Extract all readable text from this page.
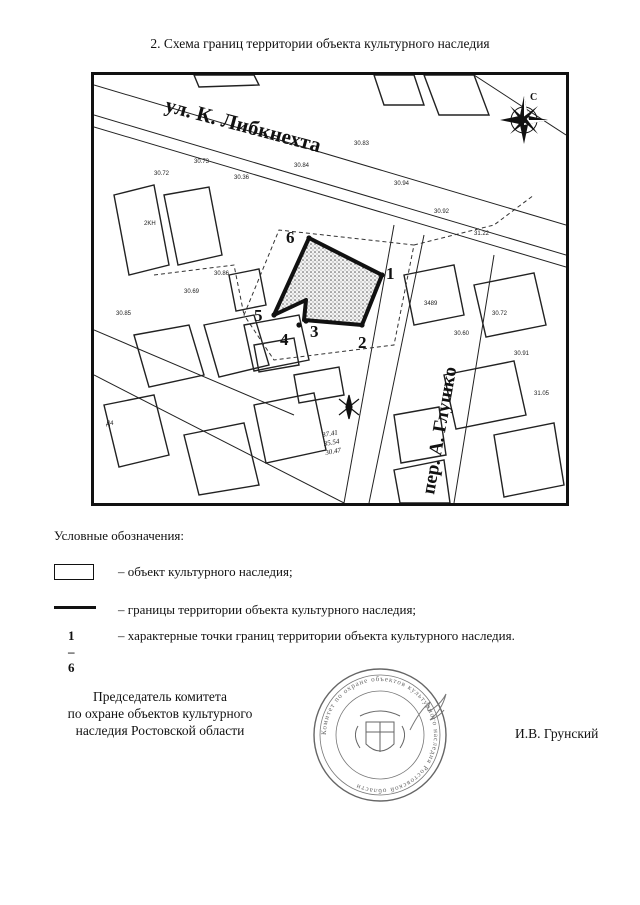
2. Схема границ территории объекта культурного наследия
30.72
30.73
30.36
30.84
30.83
30.94
30.92
31.22
30.72
30.91
3489
30.69
30.86
30.85
30.60
31.05
2KH
Д4
ул. К. Либкнехта
пер. А. Глушко
1
2
3
4
5
6
37.41
35.54
30.47
С
Условные обозначения:
– объект культурного наследия;
– границы территории объекта культурного наследия;
1 – 6
– характерные точки границ территории объекта культурного наследия.
Председатель комитета
по охране объектов культурного
наследия Ростовской области	Комитет по охране объектов культурного наследия Ростовской области
И.В. Грунский
